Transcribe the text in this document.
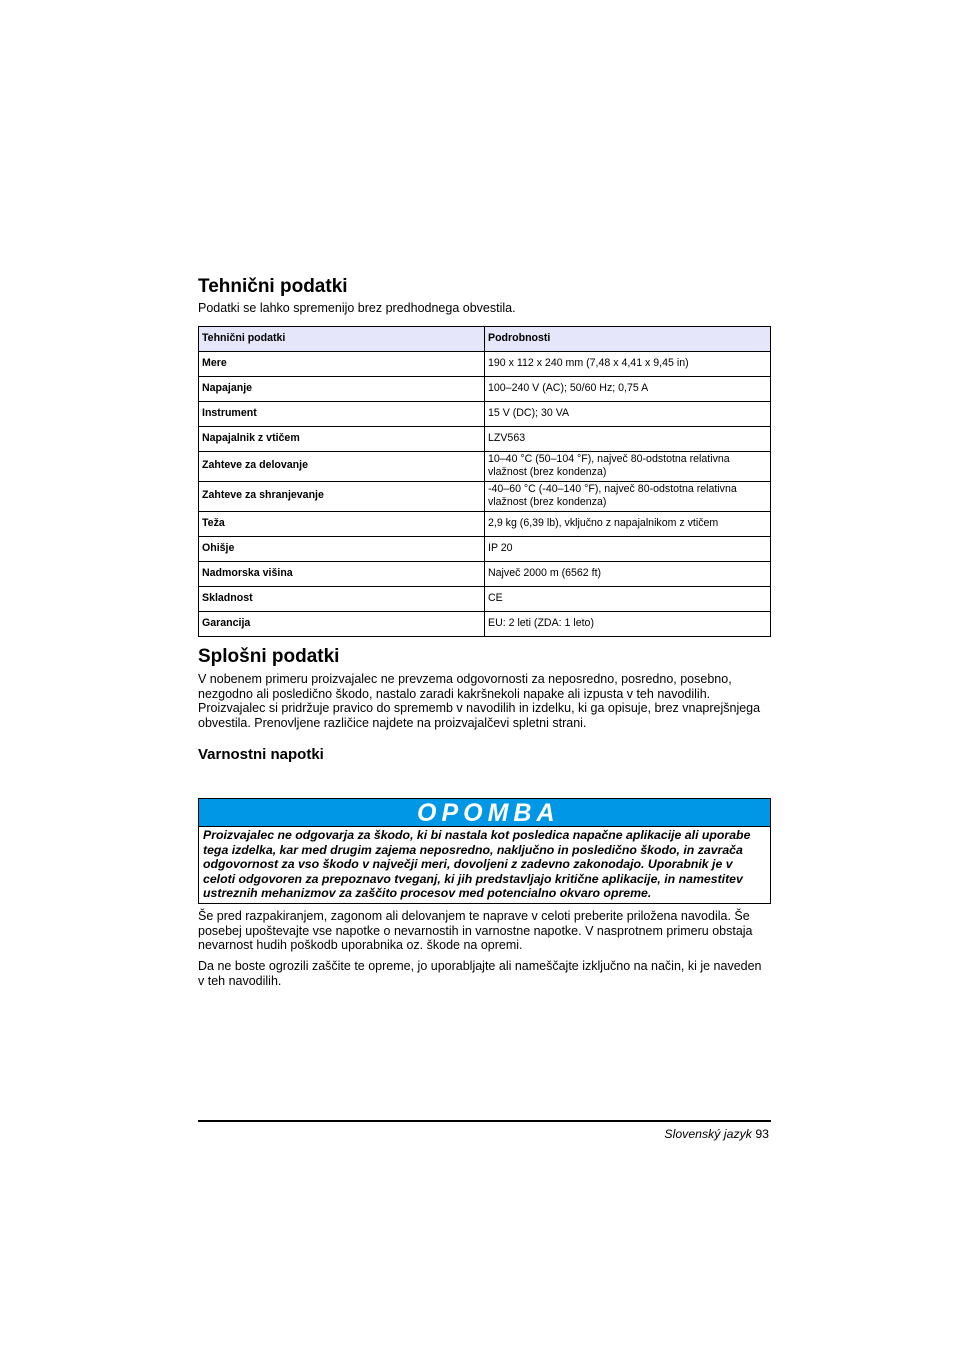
Tehnični podatki

Podatki se lahko spremenijo brez predhodnega obvestila.

Tehnični podatki	Podrobnosti
Mere	190 x 112 x 240 mm (7,48 x 4,41 x 9,45 in)
Napajanje	100–240 V (AC); 50/60 Hz; 0,75 A
Instrument	15 V (DC); 30 VA
Napajalnik z vtičem	LZV563
Zahteve za delovanje	10–40 °C (50–104 °F), največ 80-odstotna relativna vlažnost (brez kondenza)
Zahteve za shranjevanje	-40–60 °C (-40–140 °F), največ 80-odstotna relativna vlažnost (brez kondenza)
Teža	2,9 kg (6,39 lb), vključno z napajalnikom z vtičem
Ohišje	IP 20
Nadmorska višina	Največ 2000 m (6562 ft)
Skladnost	CE
Garancija	EU: 2 leti (ZDA: 1 leto)
Splošni podatki

V nobenem primeru proizvajalec ne prevzema odgovornosti za neposredno, posredno, posebno, nezgodno ali posledično škodo, nastalo zaradi kakršnekoli napake ali izpusta v teh navodilih. Proizvajalec si pridržuje pravico do sprememb v navodilih in izdelku, ki ga opisuje, brez vnaprejšnjega obvestila. Prenovljene različice najdete na proizvajalčevi spletni strani.

Varnostni napotki
OPOMBA
Proizvajalec ne odgovarja za škodo, ki bi nastala kot posledica napačne aplikacije ali uporabe tega izdelka, kar med drugim zajema neposredno, naključno in posledično škodo, in zavrača odgovornost za vso škodo v največji meri, dovoljeni z zadevno zakonodajo. Uporabnik je v celoti odgovoren za prepoznavo tveganj, ki jih predstavljajo kritične aplikacije, in namestitev ustreznih mehanizmov za zaščito procesov med potencialno okvaro opreme.

Še pred razpakiranjem, zagonom ali delovanjem te naprave v celoti preberite priložena navodila. Še posebej upoštevajte vse napotke o nevarnostih in varnostne napotke. V nasprotnem primeru obstaja nevarnost hudih poškodb uporabnika oz. škode na opremi.

Da ne boste ogrozili zaščite te opreme, jo uporabljajte ali nameščajte izključno na način, ki je naveden v teh navodilih.

Slovenský jazyk 93
